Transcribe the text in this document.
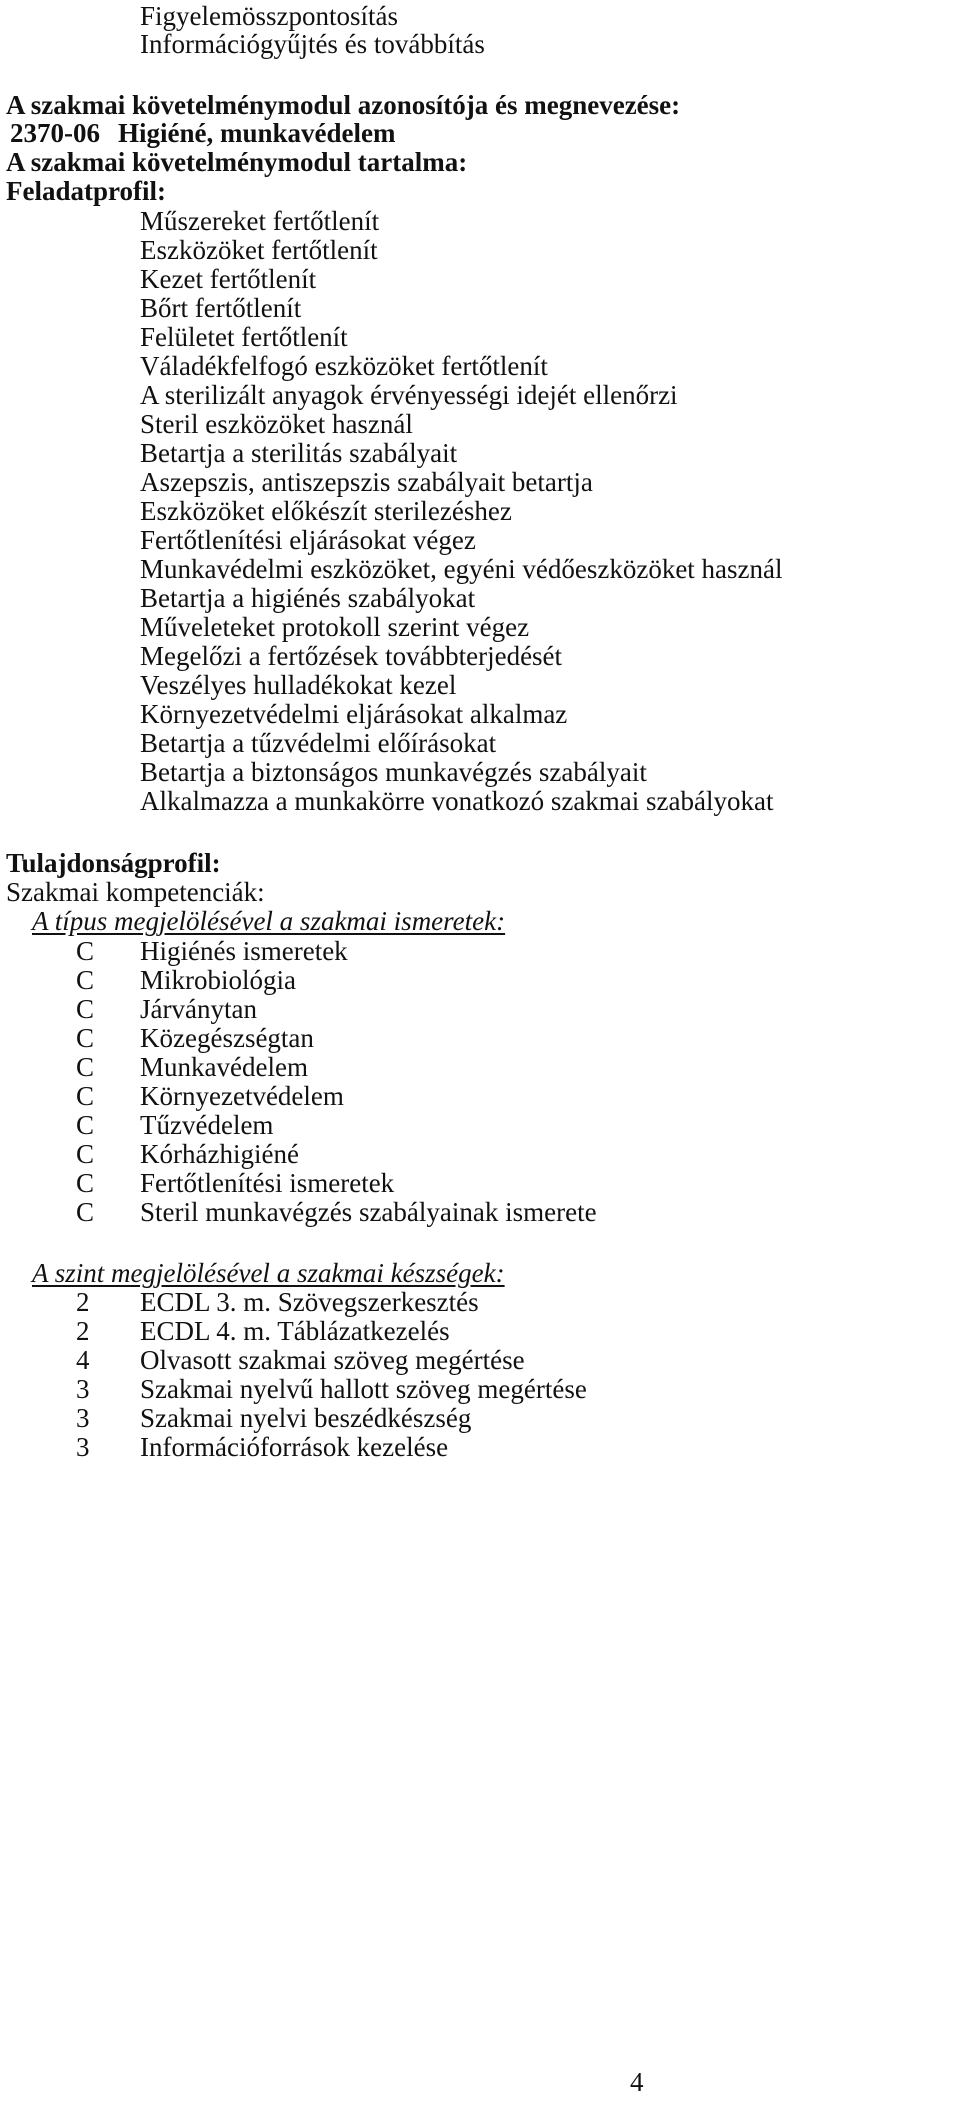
Figyelemösszpontosítás
Információgyűjtés és továbbítás
A szakmai követelménymodul azonosítója és megnevezése:
2370-06 Higiéné, munkavédelem
A szakmai követelménymodul tartalma:
Feladatprofil:
Műszereket fertőtlenít
Eszközöket fertőtlenít
Kezet fertőtlenít
Bőrt fertőtlenít
Felületet fertőtlenít
Váladékfelfogó eszközöket fertőtlenít
A sterilizált anyagok érvényességi idejét ellenőrzi
Steril eszközöket használ
Betartja a sterilitás szabályait
Aszepszis, antiszepszis szabályait betartja
Eszközöket előkészít sterilezéshez
Fertőtlenítési eljárásokat végez
Munkavédelmi eszközöket, egyéni védőeszközöket használ
Betartja a higiénés szabályokat
Műveleteket protokoll szerint végez
Megelőzi a fertőzések továbbterjedését
Veszélyes hulladékokat kezel
Környezetvédelmi eljárásokat alkalmaz
Betartja a tűzvédelmi előírásokat
Betartja a biztonságos munkavégzés szabályait
Alkalmazza a munkakörre vonatkozó szakmai szabályokat
Tulajdonságprofil:
Szakmai kompetenciák:
A típus megjelölésével a szakmai ismeretek:
C Higiénés ismeretek
C Mikrobiológia
C Járványtan
C Közegészségtan
C Munkavédelem
C Környezetvédelem
C Tűzvédelem
C Kórházhigiéné
C Fertőtlenítési ismeretek
C Steril munkavégzés szabályainak ismerete
A szint megjelölésével a szakmai készségek:
2 ECDL 3. m. Szövegszerkesztés
2 ECDL 4. m. Táblázatkezelés
4 Olvasott szakmai szöveg megértése
3 Szakmai nyelvű hallott szöveg megértése
3 Szakmai nyelvi beszédkészség
3 Információforrások kezelése
4
